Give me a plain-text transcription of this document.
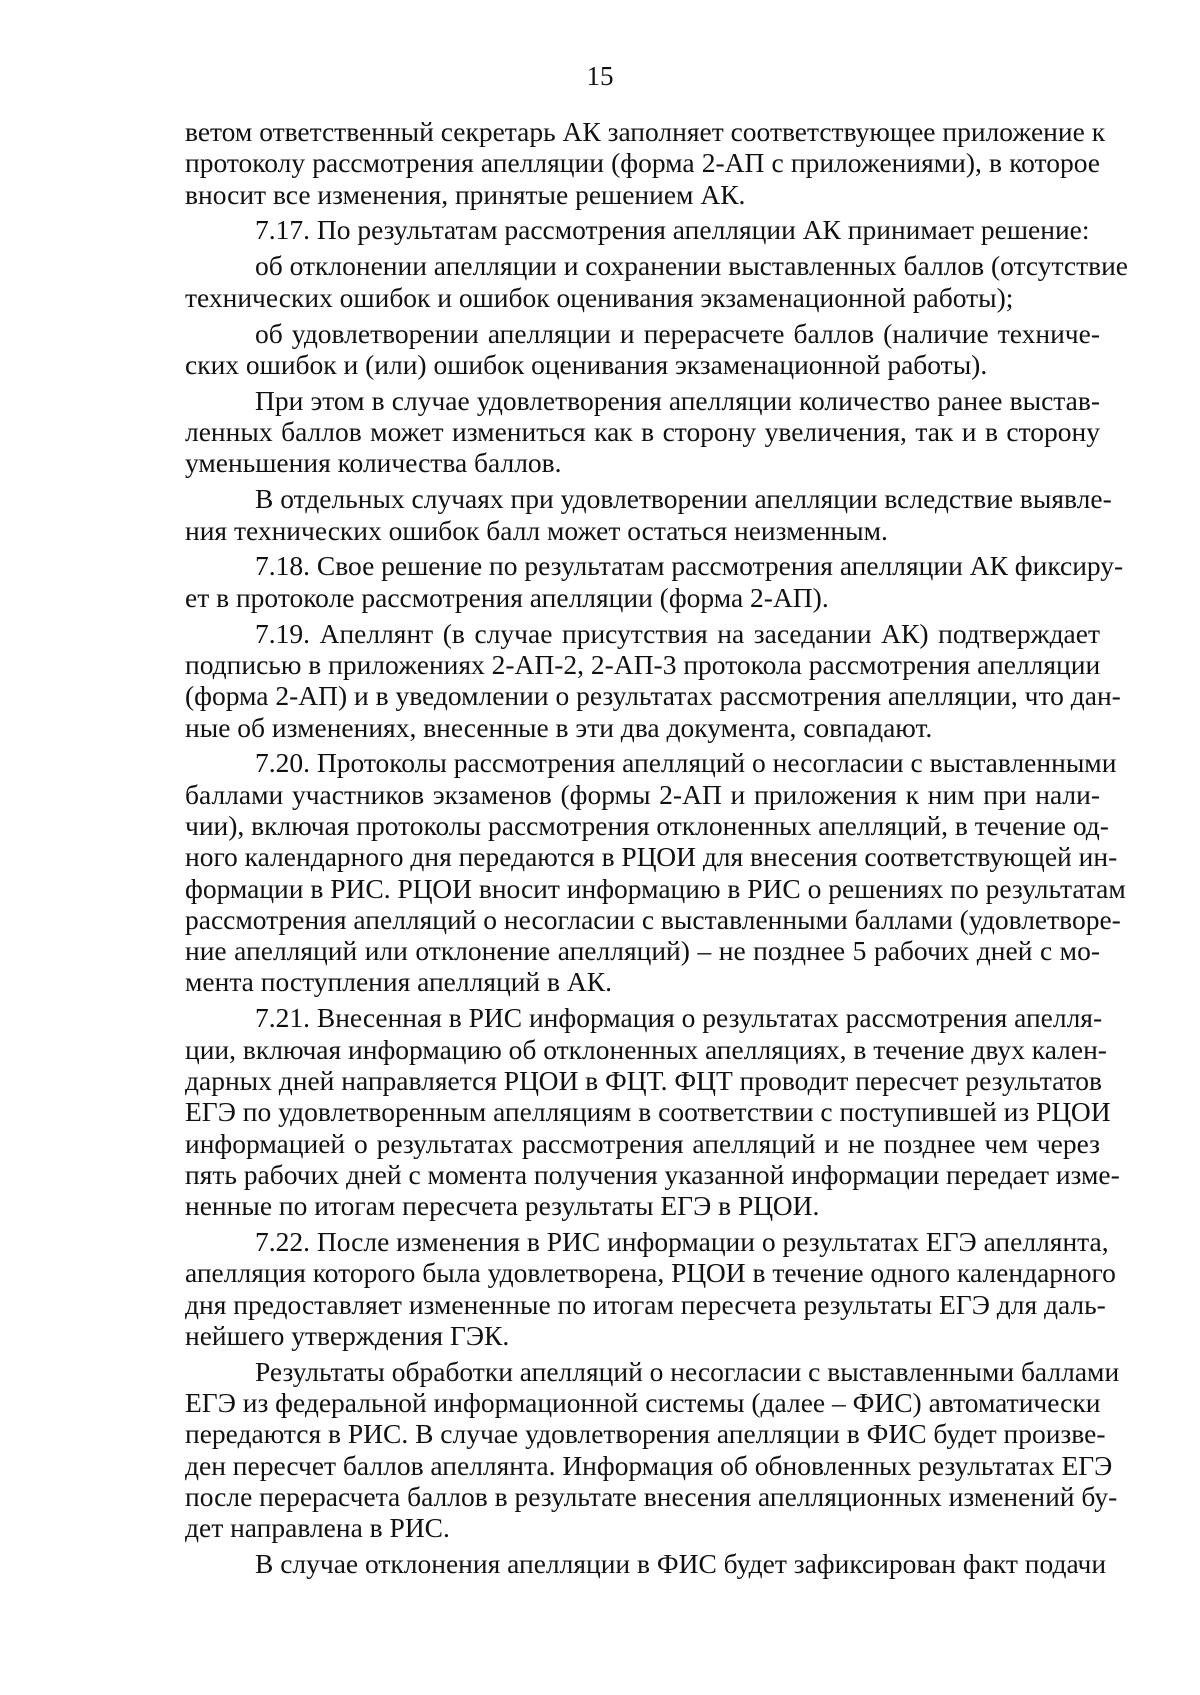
15
ветом ответственный секретарь АК заполняет соответствующее приложение к
протоколу рассмотрения апелляции (форма 2-АП с приложениями), в которое
вносит все изменения, принятые решением АК.
7.17. По результатам рассмотрения апелляции АК принимает решение:
об отклонении апелляции и сохранении выставленных баллов (отсутствие
технических ошибок и ошибок оценивания экзаменационной работы);
об удовлетворении апелляции и перерасчете баллов (наличие техниче-
ских ошибок и (или) ошибок оценивания экзаменационной работы).
При этом в случае удовлетворения апелляции количество ранее выстав-
ленных баллов может измениться как в сторону увеличения, так и в сторону
уменьшения количества баллов.
В отдельных случаях при удовлетворении апелляции вследствие выявле-
ния технических ошибок балл может остаться неизменным.
7.18. Свое решение по результатам рассмотрения апелляции АК фиксиру-
ет в протоколе рассмотрения апелляции (форма 2-АП).
7.19. Апеллянт (в случае присутствия на заседании АК) подтверждает
подписью в приложениях 2-АП-2, 2-АП-3 протокола рассмотрения апелляции
(форма 2-АП) и в уведомлении о результатах рассмотрения апелляции, что дан-
ные об изменениях, внесенные в эти два документа, совпадают.
7.20. Протоколы рассмотрения апелляций о несогласии с выставленными
баллами участников экзаменов (формы 2-АП и приложения к ним при нали-
чии), включая протоколы рассмотрения отклоненных апелляций, в течение од-
ного календарного дня передаются в РЦОИ для внесения соответствующей ин-
формации в РИС. РЦОИ вносит информацию в РИС о решениях по результатам
рассмотрения апелляций о несогласии с выставленными баллами (удовлетворе-
ние апелляций или отклонение апелляций) – не позднее 5 рабочих дней с мо-
мента поступления апелляций в АК.
7.21. Внесенная в РИС информация о результатах рассмотрения апелля-
ции, включая информацию об отклоненных апелляциях, в течение двух кален-
дарных дней направляется РЦОИ в ФЦТ. ФЦТ проводит пересчет результатов
ЕГЭ по удовлетворенным апелляциям в соответствии с поступившей из РЦОИ
информацией о результатах рассмотрения апелляций и не позднее чем через
пять рабочих дней с момента получения указанной информации передает изме-
ненные по итогам пересчета результаты ЕГЭ в РЦОИ.
7.22. После изменения в РИС информации о результатах ЕГЭ апеллянта,
апелляция которого была удовлетворена, РЦОИ в течение одного календарного
дня предоставляет измененные по итогам пересчета результаты ЕГЭ для даль-
нейшего утверждения ГЭК.
Результаты обработки апелляций о несогласии с выставленными баллами
ЕГЭ из федеральной информационной системы (далее – ФИС) автоматически
передаются в РИС. В случае удовлетворения апелляции в ФИС будет произве-
ден пересчет баллов апеллянта. Информация об обновленных результатах ЕГЭ
после перерасчета баллов в результате внесения апелляционных изменений бу-
дет направлена в РИС.
В случае отклонения апелляции в ФИС будет зафиксирован факт подачи
